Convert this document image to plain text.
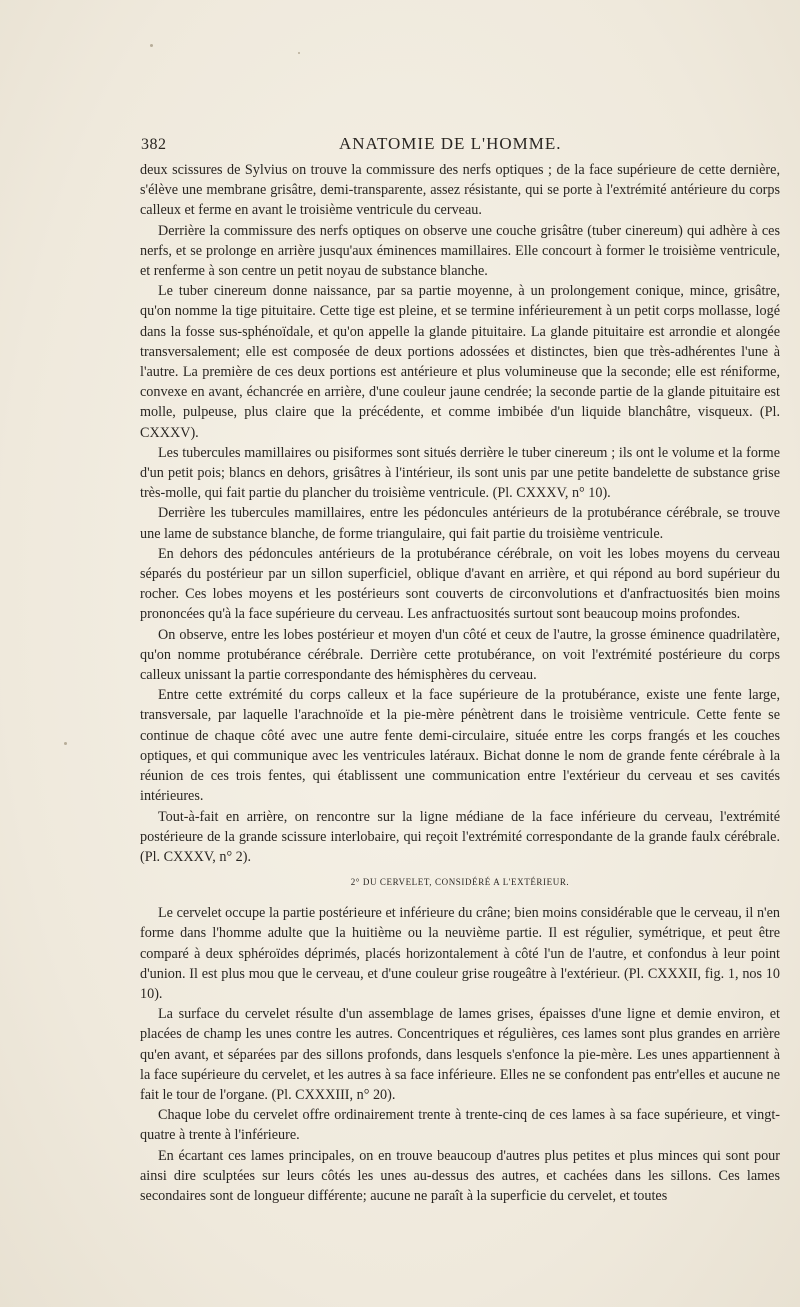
382	ANATOMIE DE L'HOMME.

deux scissures de Sylvius on trouve la commissure des nerfs optiques ; de la face supérieure de cette dernière, s'élève une membrane grisâtre, demi-transparente, assez résistante, qui se porte à l'extrémité antérieure du corps calleux et ferme en avant le troisième ventricule du cerveau.

Derrière la commissure des nerfs optiques on observe une couche grisâtre (tuber cinereum) qui adhère à ces nerfs, et se prolonge en arrière jusqu'aux éminences mamillaires. Elle concourt à former le troisième ventricule, et renferme à son centre un petit noyau de substance blanche.

Le tuber cinereum donne naissance, par sa partie moyenne, à un prolongement conique, mince, grisâtre, qu'on nomme la tige pituitaire. Cette tige est pleine, et se termine inférieurement à un petit corps mollasse, logé dans la fosse sus-sphénoïdale, et qu'on appelle la glande pituitaire. La glande pituitaire est arrondie et alongée transversalement; elle est composée de deux portions adossées et distinctes, bien que très-adhérentes l'une à l'autre. La première de ces deux portions est antérieure et plus volumineuse que la seconde; elle est réniforme, convexe en avant, échancrée en arrière, d'une couleur jaune cendrée; la seconde partie de la glande pituitaire est molle, pulpeuse, plus claire que la précédente, et comme imbibée d'un liquide blanchâtre, visqueux. (Pl. CXXXV).

Les tubercules mamillaires ou pisiformes sont situés derrière le tuber cinereum ; ils ont le volume et la forme d'un petit pois; blancs en dehors, grisâtres à l'intérieur, ils sont unis par une petite bandelette de substance grise très-molle, qui fait partie du plancher du troisième ventricule. (Pl. CXXXV, n° 10).

Derrière les tubercules mamillaires, entre les pédoncules antérieurs de la protubérance cérébrale, se trouve une lame de substance blanche, de forme triangulaire, qui fait partie du troisième ventricule.

En dehors des pédoncules antérieurs de la protubérance cérébrale, on voit les lobes moyens du cerveau séparés du postérieur par un sillon superficiel, oblique d'avant en arrière, et qui répond au bord supérieur du rocher. Ces lobes moyens et les postérieurs sont couverts de circonvolutions et d'anfractuosités bien moins prononcées qu'à la face supérieure du cerveau. Les anfractuosités surtout sont beaucoup moins profondes.

On observe, entre les lobes postérieur et moyen d'un côté et ceux de l'autre, la grosse éminence quadrilatère, qu'on nomme protubérance cérébrale. Derrière cette protubérance, on voit l'extrémité postérieure du corps calleux unissant la partie correspondante des hémisphères du cerveau.

Entre cette extrémité du corps calleux et la face supérieure de la protubérance, existe une fente large, transversale, par laquelle l'arachnoïde et la pie-mère pénètrent dans le troisième ventricule. Cette fente se continue de chaque côté avec une autre fente demi-circulaire, située entre les corps frangés et les couches optiques, et qui communique avec les ventricules latéraux. Bichat donne le nom de grande fente cérébrale à la réunion de ces trois fentes, qui établissent une communication entre l'extérieur du cerveau et ses cavités intérieures.

Tout-à-fait en arrière, on rencontre sur la ligne médiane de la face inférieure du cerveau, l'extrémité postérieure de la grande scissure interlobaire, qui reçoit l'extrémité correspondante de la grande faulx cérébrale. (Pl. CXXXV, n° 2).

2° DU CERVELET, CONSIDÉRÉ A L'EXTÉRIEUR.

Le cervelet occupe la partie postérieure et inférieure du crâne; bien moins considérable que le cerveau, il n'en forme dans l'homme adulte que la huitième ou la neuvième partie. Il est régulier, symétrique, et peut être comparé à deux sphéroïdes déprimés, placés horizontalement à côté l'un de l'autre, et confondus à leur point d'union. Il est plus mou que le cerveau, et d'une couleur grise rougeâtre à l'extérieur. (Pl. CXXXII, fig. 1, nos 10 10).

La surface du cervelet résulte d'un assemblage de lames grises, épaisses d'une ligne et demie environ, et placées de champ les unes contre les autres. Concentriques et régulières, ces lames sont plus grandes en arrière qu'en avant, et séparées par des sillons profonds, dans lesquels s'enfonce la pie-mère. Les unes appartiennent à la face supérieure du cervelet, et les autres à sa face inférieure. Elles ne se confondent pas entr'elles et aucune ne fait le tour de l'organe. (Pl. CXXXIII, n° 20).

Chaque lobe du cervelet offre ordinairement trente à trente-cinq de ces lames à sa face supérieure, et vingt-quatre à trente à l'inférieure.

En écartant ces lames principales, on en trouve beaucoup d'autres plus petites et plus minces qui sont pour ainsi dire sculptées sur leurs côtés les unes au-dessus des autres, et cachées dans les sillons. Ces lames secondaires sont de longueur différente; aucune ne paraît à la superficie du cervelet, et toutes
